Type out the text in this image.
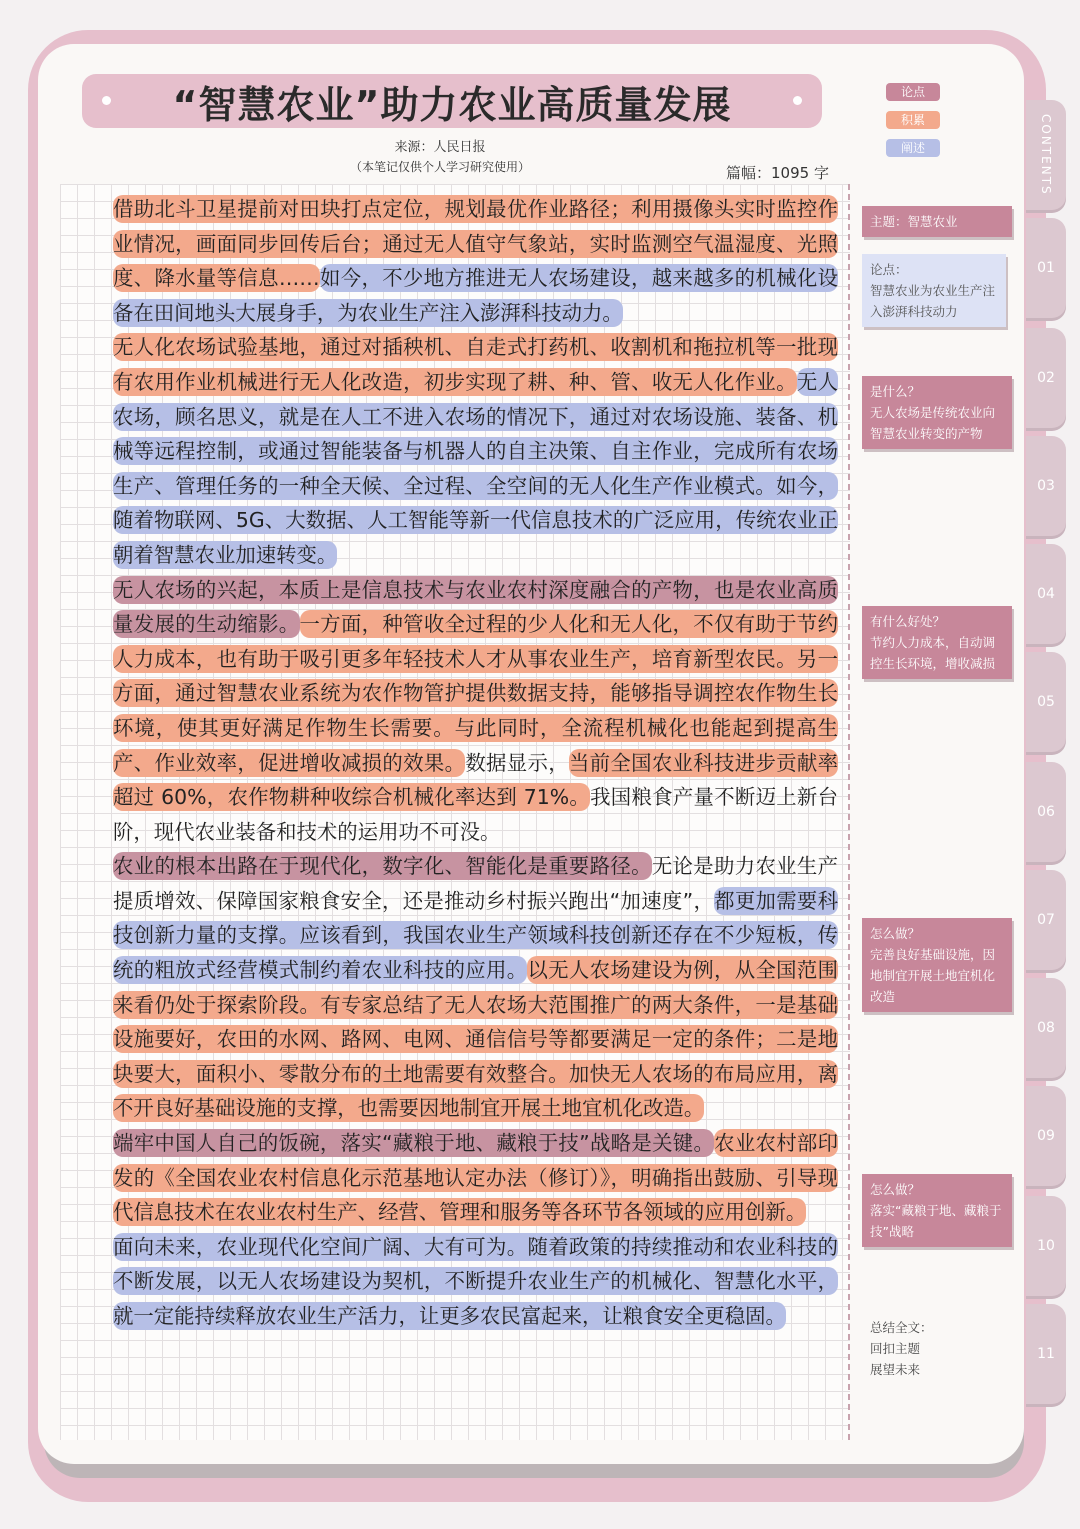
CONTENTS
01
02
03
04
05
06
07
08
09
10
11
“智慧农业”助力农业高质量发展
来源：人民日报
（本笔记仅供个人学习研究使用）	篇幅：1095 字
论点
积累
阐述

借助北斗卫星提前对田块打点定位，规划最优作业路径；利用摄像头实时监控作业情况，画面同步回传后台；通过无人值守气象站，实时监测空气温湿度、光照度、降水量等信息……如今，不少地方推进无人农场建设，越来越多的机械化设备在田间地头大展身手，为农业生产注入澎湃科技动力。

无人化农场试验基地，通过对插秧机、自走式打药机、收割机和拖拉机等一批现有农用作业机械进行无人化改造，初步实现了耕、种、管、收无人化作业。无人农场，顾名思义，就是在人工不进入农场的情况下，通过对农场设施、装备、机械等远程控制，或通过智能装备与机器人的自主决策、自主作业，完成所有农场生产、管理任务的一种全天候、全过程、全空间的无人化生产作业模式。如今，随着物联网、5G、大数据、人工智能等新一代信息技术的广泛应用，传统农业正朝着智慧农业加速转变。

无人农场的兴起，本质上是信息技术与农业农村深度融合的产物，也是农业高质量发展的生动缩影。一方面，种管收全过程的少人化和无人化，不仅有助于节约人力成本，也有助于吸引更多年轻技术人才从事农业生产，培育新型农民。另一方面，通过智慧农业系统为农作物管护提供数据支持，能够指导调控农作物生长环境，使其更好满足作物生长需要。与此同时，全流程机械化也能起到提高生产、作业效率，促进增收减损的效果。数据显示，当前全国农业科技进步贡献率超过 60%，农作物耕种收综合机械化率达到 71%。我国粮食产量不断迈上新台阶，现代农业装备和技术的运用功不可没。

农业的根本出路在于现代化，数字化、智能化是重要路径。无论是助力农业生产提质增效、保障国家粮食安全，还是推动乡村振兴跑出“加速度”，都更加需要科技创新力量的支撑。应该看到，我国农业生产领域科技创新还存在不少短板，传统的粗放式经营模式制约着农业科技的应用。以无人农场建设为例，从全国范围来看仍处于探索阶段。有专家总结了无人农场大范围推广的两大条件，一是基础设施要好，农田的水网、路网、电网、通信信号等都要满足一定的条件；二是地块要大，面积小、零散分布的土地需要有效整合。加快无人农场的布局应用，离不开良好基础设施的支撑，也需要因地制宜开展土地宜机化改造。

端牢中国人自己的饭碗，落实“藏粮于地、藏粮于技”战略是关键。农业农村部印发的《全国农业农村信息化示范基地认定办法（修订）》，明确指出鼓励、引导现代信息技术在农业农村生产、经营、管理和服务等各环节各领域的应用创新。

面向未来，农业现代化空间广阔、大有可为。随着政策的持续推动和农业科技的不断发展，以无人农场建设为契机，不断提升农业生产的机械化、智慧化水平，就一定能持续释放农业生产活力，让更多农民富起来，让粮食安全更稳固。

主题：智慧农业
论点：
智慧农业为农业生产注入澎湃科技动力
是什么？
无人农场是传统农业向智慧农业转变的产物
有什么好处？
节约人力成本，自动调控生长环境，增收减损
怎么做？
完善良好基础设施，因地制宜开展土地宜机化改造
怎么做？
落实“藏粮于地、藏粮于技”战略
总结全文：
回扣主题
展望未来
